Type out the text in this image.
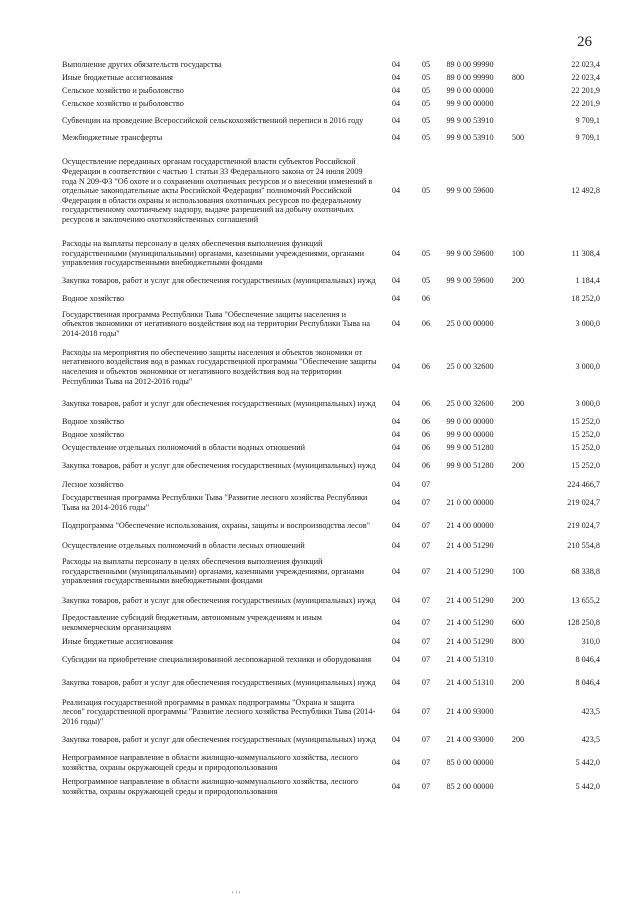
26
Выполнение других обязательств государства	04	05	89 0 00 99990		22 023,4
Иные бюджетные ассигнования	04	05	89 0 00 99990	800	22 023,4
Сельское хозяйство и рыболовство	04	05	99 0 00 00000		22 201,9
Сельское хозяйство и рыболовство	04	05	99 9 00 00000		22 201,9
Субвенции на проведение Всероссийской сельскохозяйственной переписи в 2016 году	04	05	99 9 00 53910		9 709,1
Межбюджетные трансферты	04	05	99 9 00 53910	500	9 709,1
Осуществление переданных органам государственной власти субъектов Российской Федерации в соответствии с частью 1 статьи 33 Федерального закона от 24 июля 2009 года N 209-ФЗ "Об охоте и о сохранении охотничьих ресурсов и о внесении изменений в отдельные законодательные акты Российской Федерации" полномочий Российской Федерации в области охраны и использования охотничьих ресурсов по федеральному государственному охотничьему надзору, выдаче разрешений на добычу охотничьих ресурсов и заключению охотхозяйственных соглашений	04	05	99 9 00 59600		12 492,8
Расходы на выплаты персоналу в целях обеспечения выполнения функций государственными (муниципальными) органами, казенными учреждениями, органами управления государственными внебюджетными фондами	04	05	99 9 00 59600	100	11 308,4
Закупка товаров, работ и услуг для обеспечения государственных (муниципальных) нужд	04	05	99 9 00 59600	200	1 184,4
Водное хозяйство	04	06			18 252,0
Государственная программа Республики Тыва "Обеспечение защиты населения и объектов экономики от негативного воздействия вод на территории Республики Тыва на 2014-2018 годы"	04	06	25 0 00 00000		3 000,0
Расходы на мероприятия по обеспечению защиты населения и объектов экономики от негативного воздействия вод в рамках государственной программы "Обеспечение защиты населения и объектов экономики от негативного воздействия вод на территории Республики Тыва на 2012-2016 годы"	04	06	25 0 00 32600		3 000,0
Закупка товаров, работ и услуг для обеспечения государственных (муниципальных) нужд	04	06	25 0 00 32600	200	3 000,0
Водное хозяйство	04	06	99 0 00 00000		15 252,0
Водное хозяйство	04	06	99 9 00 00000		15 252,0
Осуществление отдельных полномочий в области водных отношений	04	06	99 9 00 51280		15 252,0
Закупка товаров, работ и услуг для обеспечения государственных (муниципальных) нужд	04	06	99 9 00 51280	200	15 252,0
Лесное хозяйство	04	07			224 466,7
Государственная программа Республики Тыва "Развитие лесного хозяйства Республики Тыва на 2014-2016 годы"	04	07	21 0 00 00000		219 024,7
Подпрограмма "Обеспечение использования, охраны, защиты и воспроизводства лесов"	04	07	21 4 00 00000		219 024,7
Осуществление отдельных полномочий в области лесных отношений	04	07	21 4 00 51290		210 554,8
Расходы на выплаты персоналу в целях обеспечения выполнения функций государственными (муниципальными) органами, казенными учреждениями, органами управления государственными внебюджетными фондами	04	07	21 4 00 51290	100	68 338,8
Закупка товаров, работ и услуг для обеспечения государственных (муниципальных) нужд	04	07	21 4 00 51290	200	13 655,2
Предоставление субсидий бюджетным, автономным учреждениям и иным некоммерческим организациям	04	07	21 4 00 51290	600	128 250,8
Иные бюджетные ассигнования	04	07	21 4 00 51290	800	310,0
Субсидии на приобретение специализированной лесопожарной техники и оборудования	04	07	21 4 00 51310		8 046,4
Закупка товаров, работ и услуг для обеспечения государственных (муниципальных) нужд	04	07	21 4 00 51310	200	8 046,4
Реализация государственной программы в рамках подпрограммы "Охрана и защита лесов" государственной программы "Развитие лесного хозяйства Республики Тыва (2014-2016 годы)"	04	07	21 4 00 93000		423,5
Закупка товаров, работ и услуг для обеспечения государственных (муниципальных) нужд	04	07	21 4 00 93000	200	423,5
Непрограммное направление в области жилищно-коммунального хозяйства, лесного хозяйства, охраны окружающей среды и природопользования	04	07	85 0 00 00000		5 442,0
Непрограммное направление в области жилищно-коммунального хозяйства, лесного хозяйства, охраны окружающей среды и природопользования	04	07	85 2 00 00000		5 442,0
' ' '
